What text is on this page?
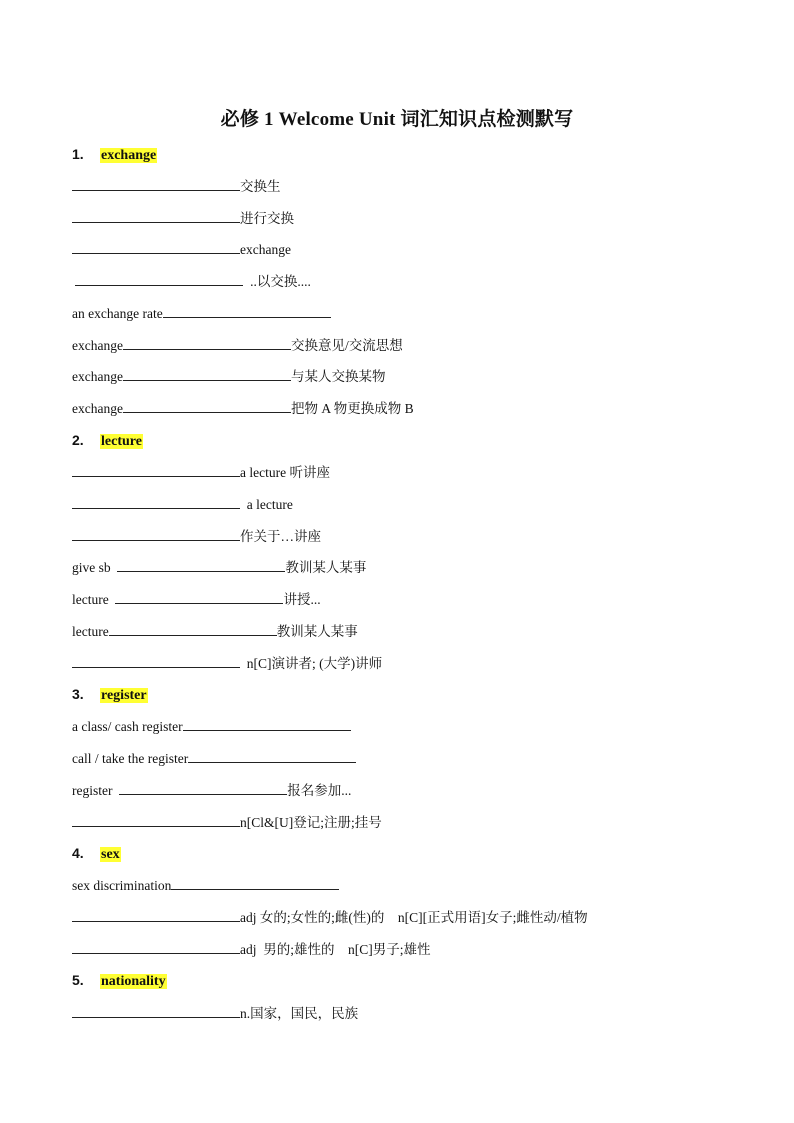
必修 1 Welcome Unit 词汇知识点检测默写
1. exchange
交换生
进行交换
exchange
..以交换....
an exchange rate
exchange	交换意见/交流思想
exchange	与某人交换某物
exchange	把物 A 物更换成物 B
2. lecture
a lecture 听讲座
a lecture
作关于…讲座
give sb	教训某人某事
lecture	讲授...
lecture	教训某人某事
n[C]演讲者; (大学)讲师
3. register
a class/ cash register
call / take the register
register	报名参加...
n[Cl&[U]登记;注册;挂号
4. sex
sex discrimination
adj 女的;女性的;雌(性)的    n[C][正式用语]女子;雌性动/植物
adj  男的;雄性的    n[C]男子;雄性
5. nationality
n.国家，国民，民族
